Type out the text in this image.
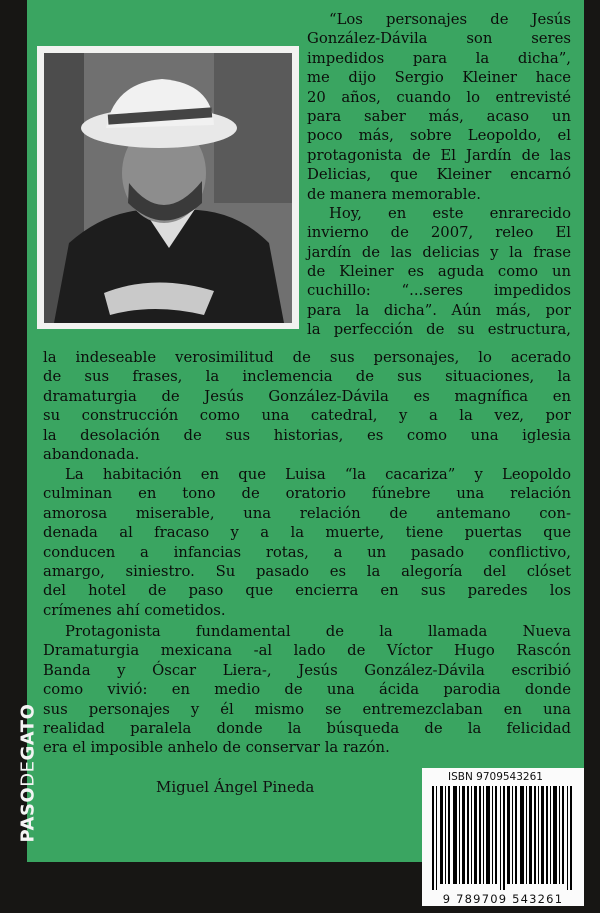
“Los personajes de Jesús
González-Dávila son seres
impedidos para la dicha”,
me dijo Sergio Kleiner hace
20 años, cuando lo entrevisté
para saber más, acaso un
poco más, sobre Leopoldo, el
protagonista de El Jardín de las
Delicias, que Kleiner encarnó
de manera memorable.
Hoy, en este enrarecido
invierno de 2007, releo El
jardín de las delicias y la frase
de Kleiner es aguda como un
cuchillo: “...seres impedidos
para la dicha”. Aún más, por
la perfección de su estructura,
la indeseable verosimilitud de sus personajes, lo acerado
de sus frases, la inclemencia de sus situaciones, la
dramaturgia de Jesús González-Dávila es magnífica en
su construcción como una catedral, y a la vez, por
la desolación de sus historias, es como una iglesia
abandonada.
La habitación en que Luisa “la cacariza” y Leopoldo
culminan en tono de oratorio fúnebre una relación
amorosa miserable, una relación de antemano con-
denada al fracaso y a la muerte, tiene puertas que
conducen a infancias rotas, a un pasado conflictivo,
amargo, siniestro. Su pasado es la alegoría del clóset
del hotel de paso que encierra en sus paredes los
crímenes ahí cometidos.
Protagonista fundamental de la llamada Nueva
Dramaturgia mexicana -al lado de Víctor Hugo Rascón
Banda y Óscar Liera-, Jesús González-Dávila escribió
como vivió: en medio de una ácida parodia donde
sus personajes y él mismo se entremezclaban en una
realidad paralela donde la búsqueda de la felicidad
era el imposible anhelo de conservar la razón.
Miguel Ángel Pineda
PASODEGATO
ISBN 9709543261
9 789709 543261
